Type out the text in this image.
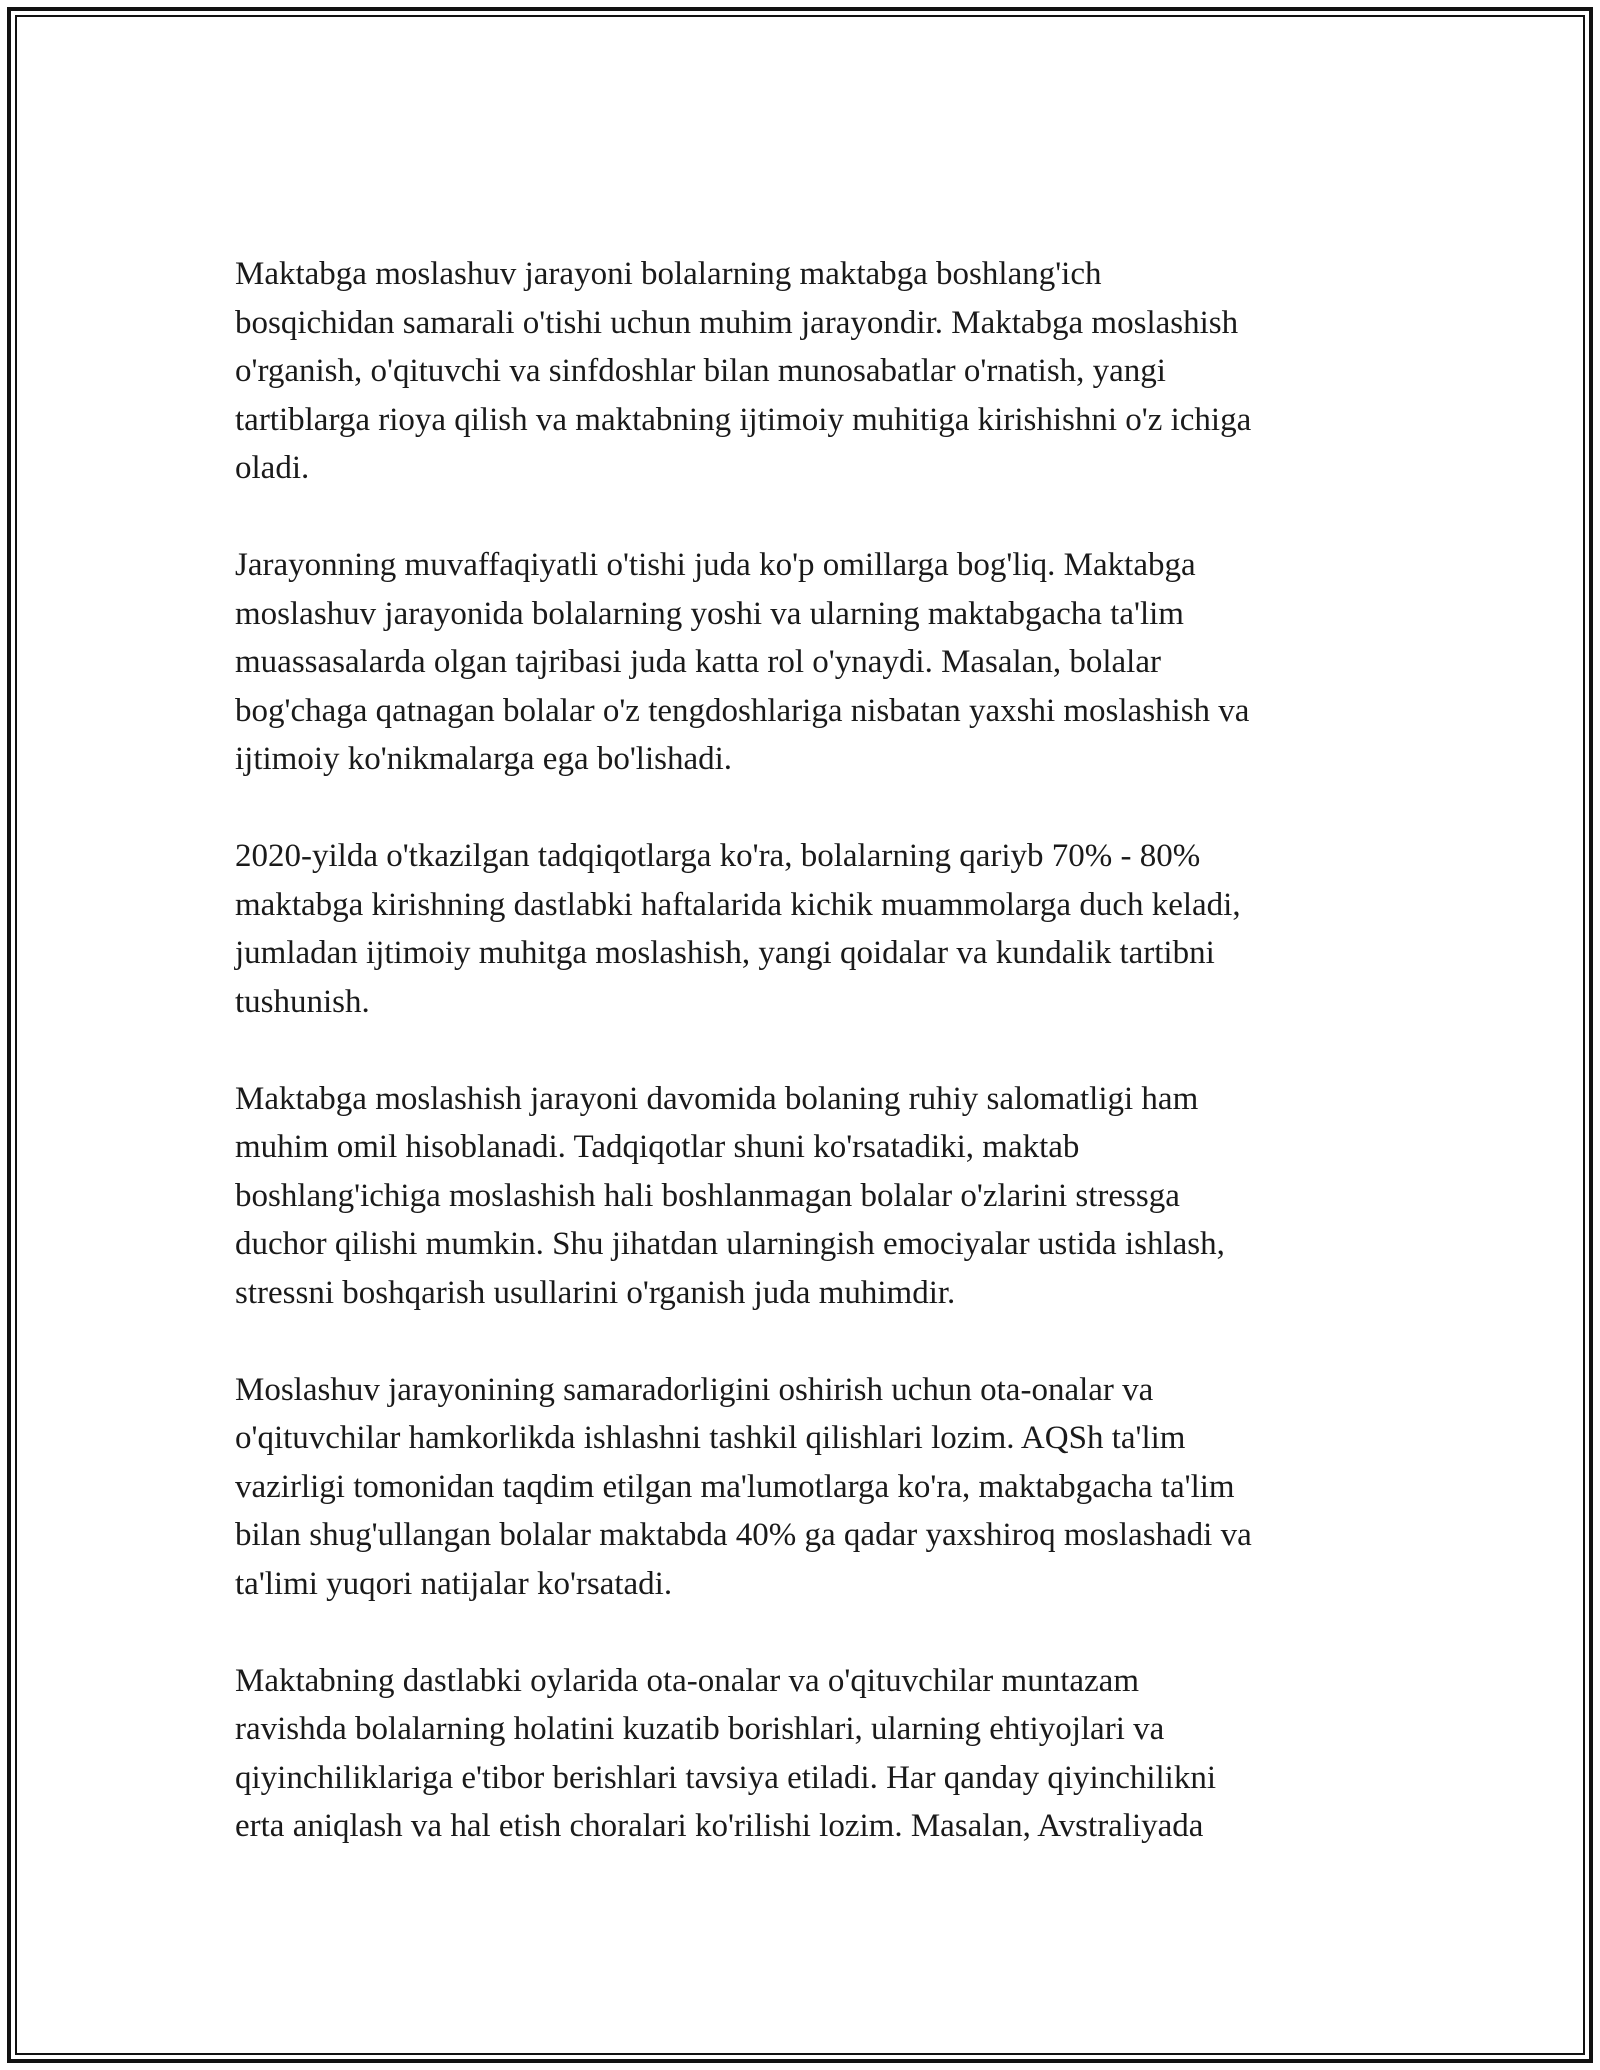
Maktabga moslashuv jarayoni bolalarning maktabga boshlang'ich
bosqichidan samarali o'tishi uchun muhim jarayondir. Maktabga moslashish
o'rganish, o'qituvchi va sinfdoshlar bilan munosabatlar o'rnatish, yangi
tartiblarga rioya qilish va maktabning ijtimoiy muhitiga kirishishni o'z ichiga
oladi.

Jarayonning muvaffaqiyatli o'tishi juda ko'p omillarga bog'liq. Maktabga
moslashuv jarayonida bolalarning yoshi va ularning maktabgacha ta'lim
muassasalarda olgan tajribasi juda katta rol o'ynaydi. Masalan, bolalar
bog'chaga qatnagan bolalar o'z tengdoshlariga nisbatan yaxshi moslashish va
ijtimoiy ko'nikmalarga ega bo'lishadi.

2020-yilda o'tkazilgan tadqiqotlarga ko'ra, bolalarning qariyb 70% - 80%
maktabga kirishning dastlabki haftalarida kichik muammolarga duch keladi,
jumladan ijtimoiy muhitga moslashish, yangi qoidalar va kundalik tartibni
tushunish.

Maktabga moslashish jarayoni davomida bolaning ruhiy salomatligi ham
muhim omil hisoblanadi. Tadqiqotlar shuni ko'rsatadiki, maktab
boshlang'ichiga moslashish hali boshlanmagan bolalar o'zlarini stressga
duchor qilishi mumkin. Shu jihatdan ularningish emociyalar ustida ishlash,
stressni boshqarish usullarini o'rganish juda muhimdir.

Moslashuv jarayonining samaradorligini oshirish uchun ota-onalar va
o'qituvchilar hamkorlikda ishlashni tashkil qilishlari lozim. AQSh ta'lim
vazirligi tomonidan taqdim etilgan ma'lumotlarga ko'ra, maktabgacha ta'lim
bilan shug'ullangan bolalar maktabda 40% ga qadar yaxshiroq moslashadi va
ta'limi yuqori natijalar ko'rsatadi.

Maktabning dastlabki oylarida ota-onalar va o'qituvchilar muntazam
ravishda bolalarning holatini kuzatib borishlari, ularning ehtiyojlari va
qiyinchiliklariga e'tibor berishlari tavsiya etiladi. Har qanday qiyinchilikni
erta aniqlash va hal etish choralari ko'rilishi lozim. Masalan, Avstraliyada
